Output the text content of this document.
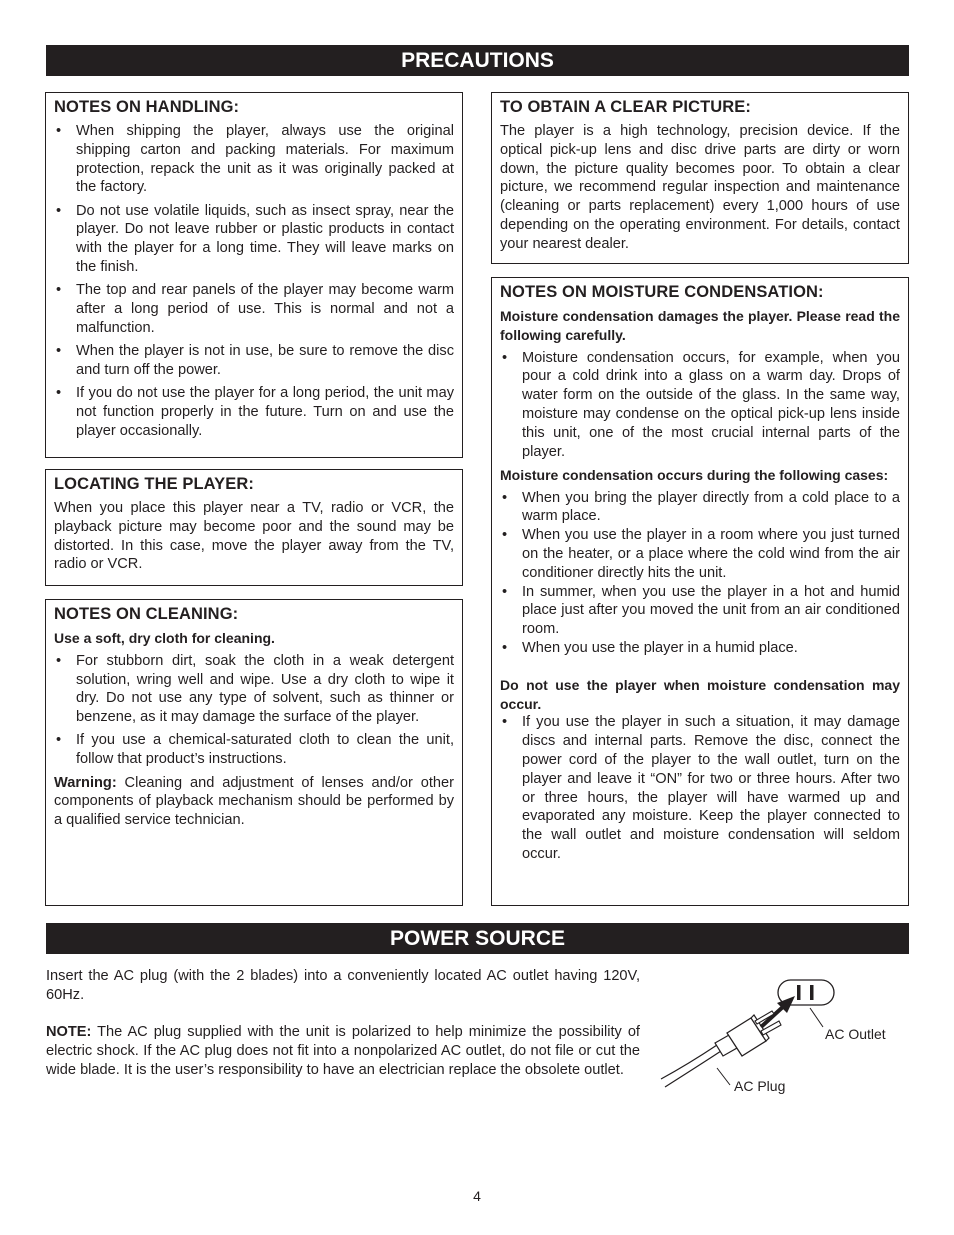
PRECAUTIONS
NOTES ON HANDLING:
• When shipping the player, always use the original shipping carton and packing materials. For maximum protection, repack the unit as it was originally packed at the factory.
• Do not use volatile liquids, such as insect spray, near the player. Do not leave rubber or plastic products in contact with the player for a long time. They will leave marks on the finish.
• The top and rear panels of the player may become warm after a long period of use. This is normal and not a malfunction.
• When the player is not in use, be sure to remove the disc and turn off the power.
• If you do not use the player for a long period, the unit may not function properly in the future. Turn on and use the player occasionally.
LOCATING THE PLAYER:

When you place this player near a TV, radio or VCR, the playback picture may become poor and the sound may be distorted. In this case, move the player away from the TV, radio or VCR.

NOTES ON CLEANING:

Use a soft, dry cloth for cleaning.

• For stubborn dirt, soak the cloth in a weak detergent solution, wring well and wipe. Use a dry cloth to wipe it dry. Do not use any type of solvent, such as thinner or benzene, as it may damage the surface of the player.
• If you use a chemical-saturated cloth to clean the unit, follow that product’s instructions.

Warning: Cleaning and adjustment of lenses and/or other components of playback mechanism should be performed by a qualified service technician.

TO OBTAIN A CLEAR PICTURE:

The player is a high technology, precision device. If the optical pick-up lens and disc drive parts are dirty or worn down, the picture quality becomes poor. To obtain a clear picture, we recommend regular inspection and maintenance (cleaning or parts replacement) every 1,000 hours of use depending on the operating environment. For details, contact your nearest dealer.

NOTES ON MOISTURE CONDENSATION:

Moisture condensation damages the player. Please read the following carefully.

• Moisture condensation occurs, for example, when you pour a cold drink into a glass on a warm day. Drops of water form on the outside of the glass. In the same way, moisture may condense on the optical pick-up lens inside this unit, one of the most crucial internal parts of the player.

Moisture condensation occurs during the following cases:

• When you bring the player directly from a cold place to a warm place.
• When you use the player in a room where you just turned on the heater, or a place where the cold wind from the air conditioner directly hits the unit.
• In summer, when you use the player in a hot and humid place just after you moved the unit from an air conditioned room.
• When you use the player in a humid place.

Do not use the player when moisture condensation may occur.

• If you use the player in such a situation, it may damage discs and internal parts. Remove the disc, connect the power cord of the player to the wall outlet, turn on the player and leave it “ON” for two or three hours. After two or three hours, the player will have warmed up and evaporated any moisture. Keep the player connected to the wall outlet and moisture condensation will seldom occur.
POWER SOURCE

Insert the AC plug (with the 2 blades) into a conveniently located AC outlet having 120V, 60Hz.

NOTE: The AC plug supplied with the unit is polarized to help minimize the possibility of electric shock. If the AC plug does not fit into a nonpolarized AC outlet, do not file or cut the wide blade. It is the user’s responsibility to have an electrician replace the obsolete outlet.

AC Outlet
AC Plug
4
